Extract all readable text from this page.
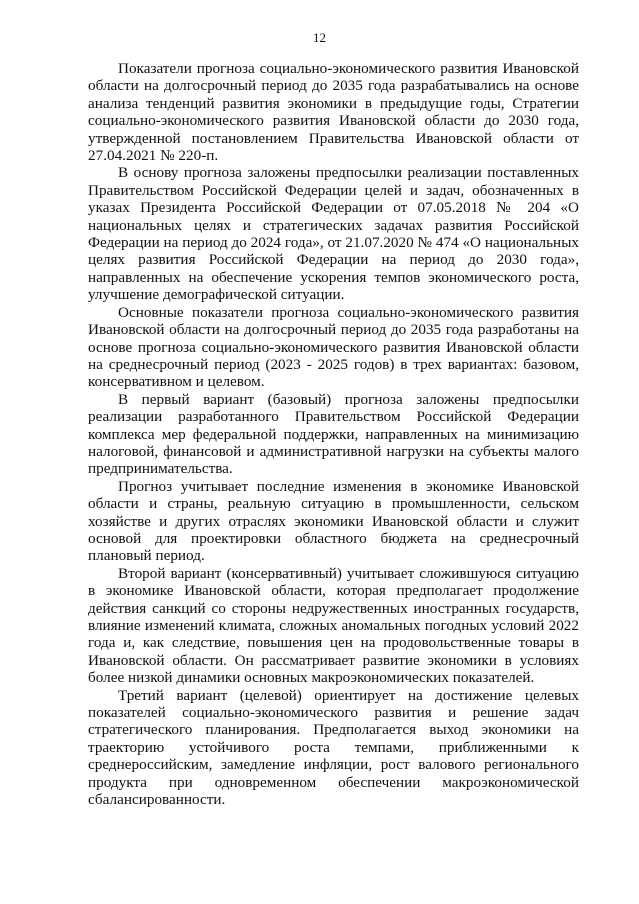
12

Показатели прогноза социально-экономического развития Ивановской области на долгосрочный период до 2035 года разрабатывались на основе анализа тенденций развития экономики в предыдущие годы, Стратегии социально-экономического развития Ивановской области до 2030 года, утвержденной постановлением Правительства Ивановской области от 27.04.2021 № 220-п.

В основу прогноза заложены предпосылки реализации поставленных Правительством Российской Федерации целей и задач, обозначенных в указах Президента Российской Федерации от 07.05.2018 № 204 «О национальных целях и стратегических задачах развития Российской Федерации на период до 2024 года», от 21.07.2020 № 474 «О национальных целях развития Российской Федерации на период до 2030 года», направленных на обеспечение ускорения темпов экономического роста, улучшение демографической ситуации.

Основные показатели прогноза социально-экономического развития Ивановской области на долгосрочный период до 2035 года разработаны на основе прогноза социально-экономического развития Ивановской области на среднесрочный период (2023 - 2025 годов) в трех вариантах: базовом, консервативном и целевом.

В первый вариант (базовый) прогноза заложены предпосылки реализации разработанного Правительством Российской Федерации комплекса мер федеральной поддержки, направленных на минимизацию налоговой, финансовой и административной нагрузки на субъекты малого предпринимательства.

Прогноз учитывает последние изменения в экономике Ивановской области и страны, реальную ситуацию в промышленности, сельском хозяйстве и других отраслях экономики Ивановской области и служит основой для проектировки областного бюджета на среднесрочный плановый период.

Второй вариант (консервативный) учитывает сложившуюся ситуацию в экономике Ивановской области, которая предполагает продолжение действия санкций со стороны недружественных иностранных государств, влияние изменений климата, сложных аномальных погодных условий 2022 года и, как следствие, повышения цен на продовольственные товары в Ивановской области. Он рассматривает развитие экономики в условиях более низкой динамики основных макроэкономических показателей.

Третий вариант (целевой) ориентирует на достижение целевых показателей социально-экономического развития и решение задач стратегического планирования. Предполагается выход экономики на траекторию устойчивого роста темпами, приближенными к среднероссийским, замедление инфляции, рост валового регионального продукта при одновременном обеспечении макроэкономической сбалансированности.
